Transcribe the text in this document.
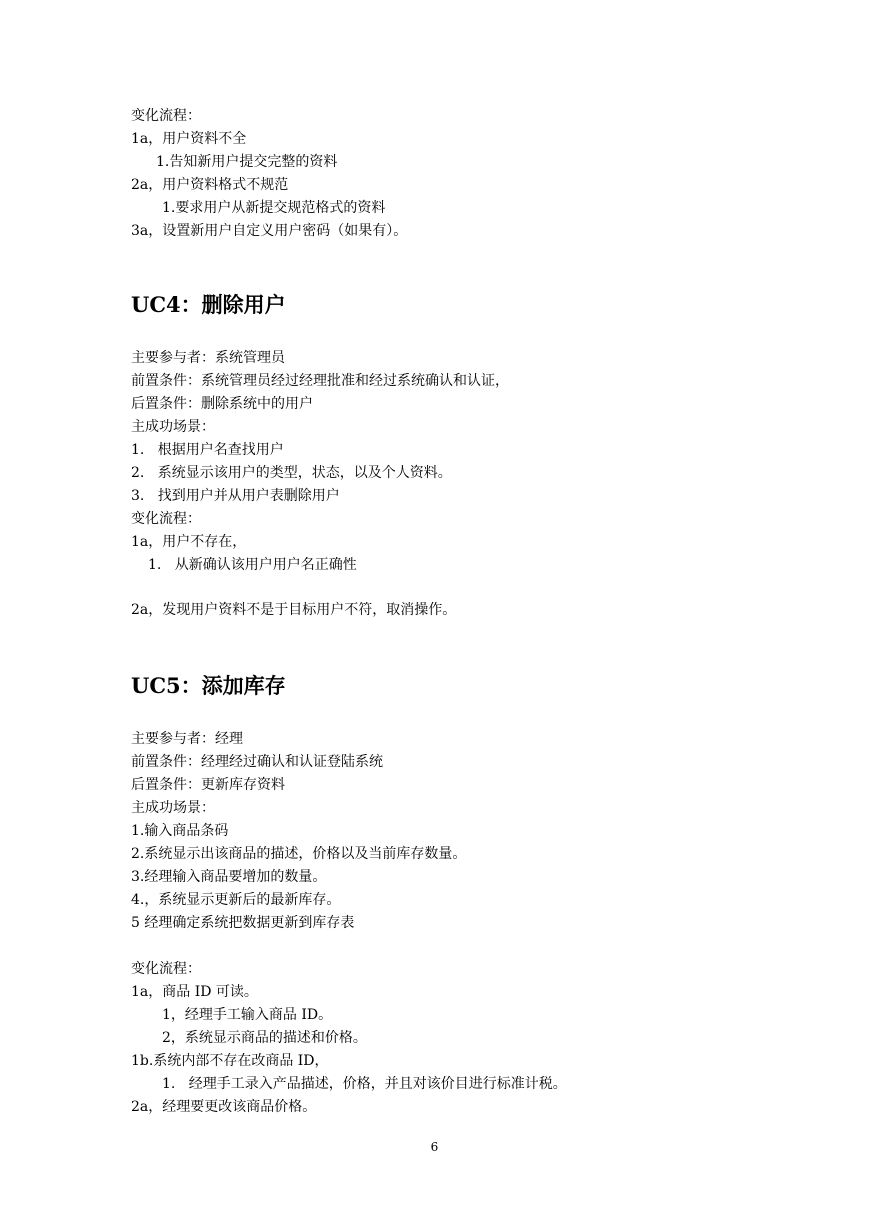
变化流程：
1a，用户资料不全
1.告知新用户提交完整的资料
2a，用户资料格式不规范
1.要求用户从新提交规范格式的资料
3a，设置新用户自定义用户密码（如果有）。
UC4：删除用户
主要参与者：系统管理员
前置条件：系统管理员经过经理批准和经过系统确认和认证，
后置条件：删除系统中的用户
主成功场景：
1.   根据用户名查找用户
2.   系统显示该用户的类型，状态，以及个人资料。
3.   找到用户并从用户表删除用户
变化流程：
1a，用户不存在，
1.   从新确认该用户用户名正确性
2a，发现用户资料不是于目标用户不符，取消操作。
UC5：添加库存
主要参与者：经理
前置条件：经理经过确认和认证登陆系统
后置条件：更新库存资料
主成功场景：
1.输入商品条码
2.系统显示出该商品的描述，价格以及当前库存数量。
3.经理输入商品要增加的数量。
4.，系统显示更新后的最新库存。
5 经理确定系统把数据更新到库存表
变化流程：
1a，商品 ID 可读。
1，经理手工输入商品 ID。
2，系统显示商品的描述和价格。
1b.系统内部不存在改商品 ID，
1.   经理手工录入产品描述，价格，并且对该价目进行标准计税。
2a，经理要更改该商品价格。
6
